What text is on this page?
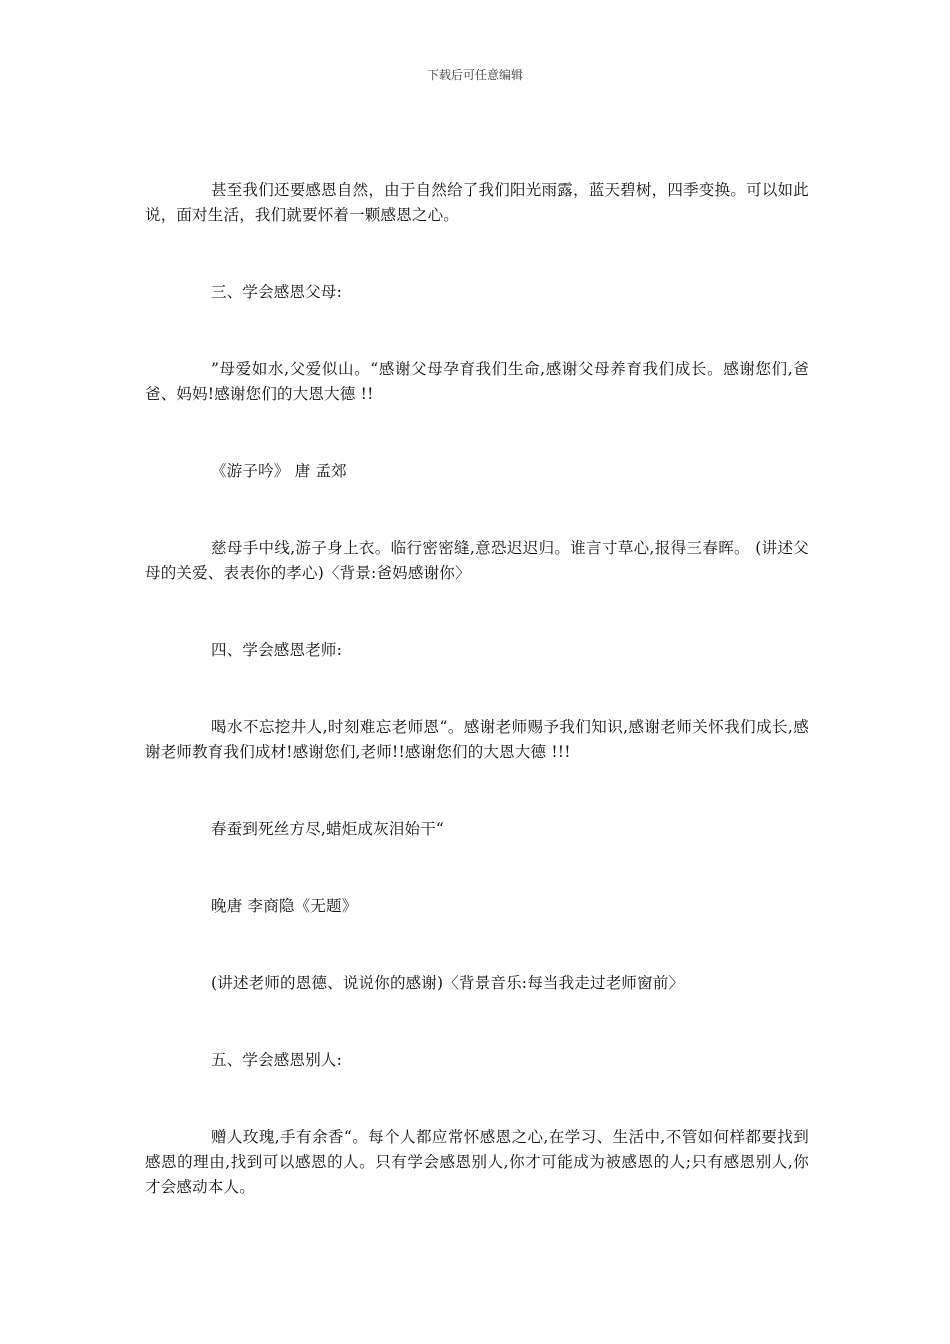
下载后可任意编辑

甚至我们还要感恩自然，由于自然给了我们阳光雨露，蓝天碧树，四季变换。可以如此说，面对生活，我们就要怀着一颗感恩之心。

三、学会感恩父母:

”母爱如水,父爱似山。“感谢父母孕育我们生命,感谢父母养育我们成长。感谢您们,爸爸、妈妈!感谢您们的大恩大德 !!

《游子吟》 唐 孟郊

慈母手中线,游子身上衣。临行密密缝,意恐迟迟归。谁言寸草心,报得三春晖。 (讲述父母的关爱、表表你的孝心)〈背景:爸妈感谢你〉

四、学会感恩老师:

喝水不忘挖井人,时刻难忘老师恩“。感谢老师赐予我们知识,感谢老师关怀我们成长,感谢老师教育我们成材!感谢您们,老师!!感谢您们的大恩大德 !!!

春蚕到死丝方尽,蜡炬成灰泪始干“

晚唐 李商隐《无题》

(讲述老师的恩德、说说你的感谢)〈背景音乐:每当我走过老师窗前〉

五、学会感恩别人:

赠人玫瑰,手有余香“。每个人都应常怀感恩之心,在学习、生活中,不管如何样都要找到感恩的理由,找到可以感恩的人。只有学会感恩别人,你才可能成为被感恩的人;只有感恩别人,你才会感动本人。
